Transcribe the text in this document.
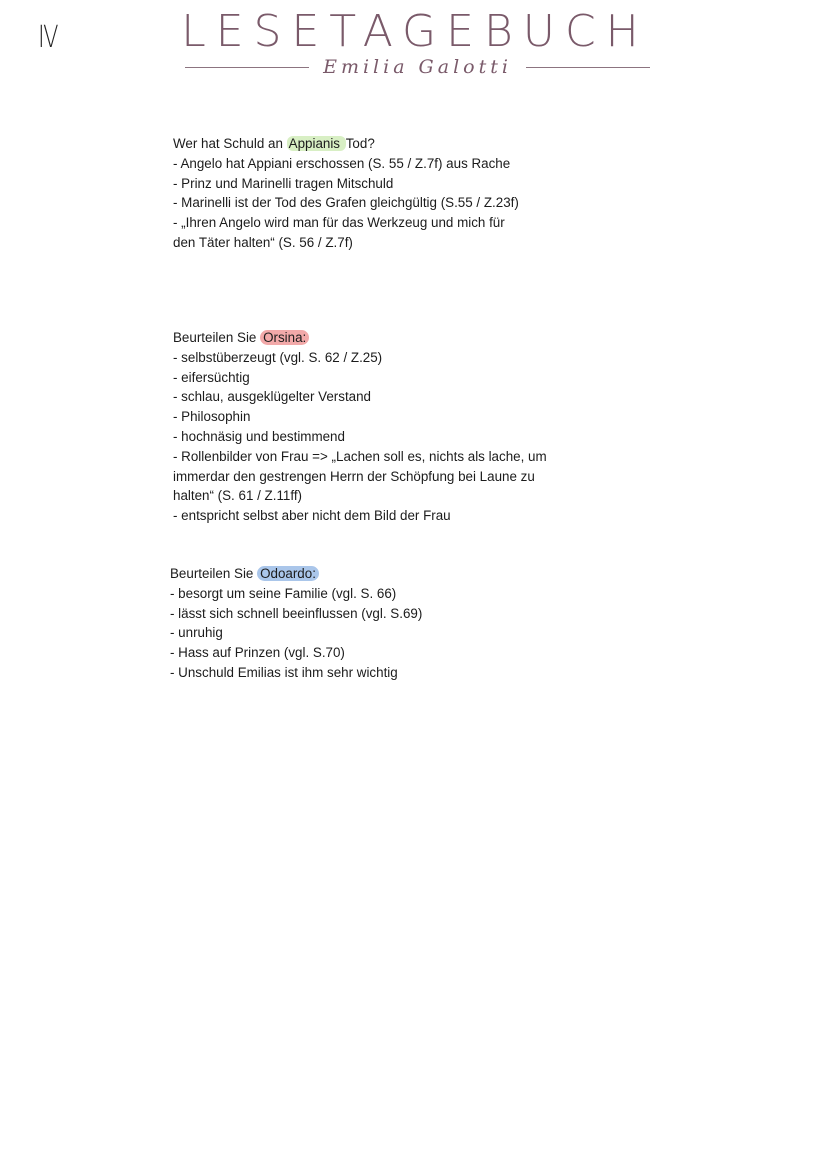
IV	LESETAGEBUCH
Emilia Galotti
Wer hat Schuld an Appianis Tod?
- Angelo hat Appiani erschossen (S. 55 / Z.7f) aus Rache
- Prinz und Marinelli tragen Mitschuld
- Marinelli ist der Tod des Grafen gleichgültig (S.55 / Z.23f)
- „Ihren Angelo wird man für das Werkzeug und mich für
den Täter halten“ (S. 56 / Z.7f)
Beurteilen Sie Orsina:
- selbstüberzeugt (vgl. S. 62 / Z.25)
- eifersüchtig
- schlau, ausgeklügelter Verstand
- Philosophin
- hochnäsig und bestimmend
- Rollenbilder von Frau => „Lachen soll es, nichts als lache, um
immerdar den gestrengen Herrn der Schöpfung bei Laune zu
halten“ (S. 61 / Z.11ff)
- entspricht selbst aber nicht dem Bild der Frau
Beurteilen Sie Odoardo:
- besorgt um seine Familie (vgl. S. 66)
- lässt sich schnell beeinflussen (vgl. S.69)
- unruhig
- Hass auf Prinzen (vgl. S.70)
- Unschuld Emilias ist ihm sehr wichtig
